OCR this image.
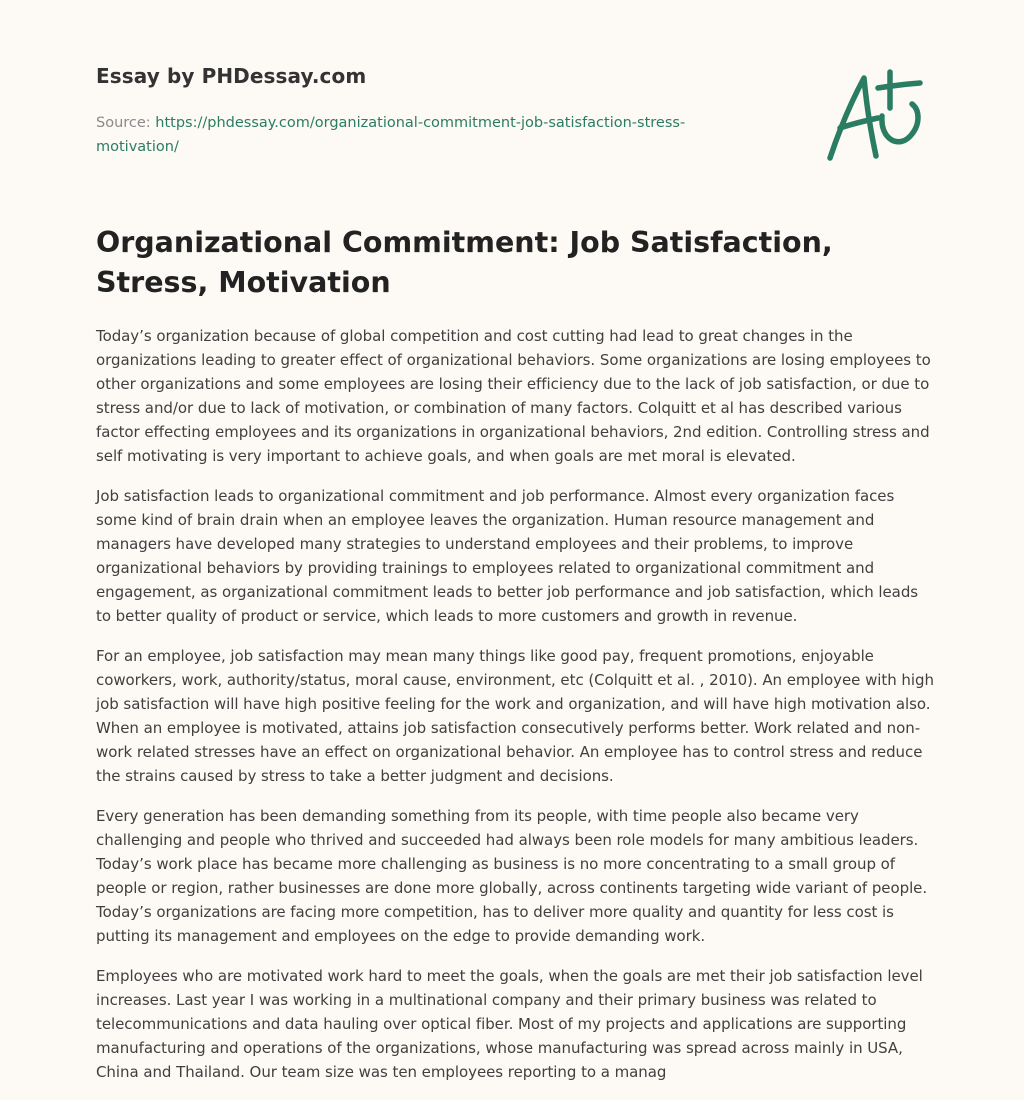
Essay by PHDessay.com

Source: https://phdessay.com/organizational-commitment-job-satisfaction-stress-motivation/

Organizational Commitment: Job Satisfaction, Stress, Motivation

Today’s organization because of global competition and cost cutting had lead to great changes in the organizations leading to greater effect of organizational behaviors. Some organizations are losing employees to other organizations and some employees are losing their efficiency due to the lack of job satisfaction, or due to stress and/or due to lack of motivation, or combination of many factors. Colquitt et al has described various factor effecting employees and its organizations in organizational behaviors, 2nd edition. Controlling stress and self motivating is very important to achieve goals, and when goals are met moral is elevated.

Job satisfaction leads to organizational commitment and job performance. Almost every organization faces some kind of brain drain when an employee leaves the organization. Human resource management and managers have developed many strategies to understand employees and their problems, to improve organizational behaviors by providing trainings to employees related to organizational commitment and engagement, as organizational commitment leads to better job performance and job satisfaction, which leads to better quality of product or service, which leads to more customers and growth in revenue.

For an employee, job satisfaction may mean many things like good pay, frequent promotions, enjoyable coworkers, work, authority/status, moral cause, environment, etc (Colquitt et al. , 2010). An employee with high job satisfaction will have high positive feeling for the work and organization, and will have high motivation also. When an employee is motivated, attains job satisfaction consecutively performs better. Work related and non-work related stresses have an effect on organizational behavior. An employee has to control stress and reduce the strains caused by stress to take a better judgment and decisions.

Every generation has been demanding something from its people, with time people also became very challenging and people who thrived and succeeded had always been role models for many ambitious leaders. Today’s work place has became more challenging as business is no more concentrating to a small group of people or region, rather businesses are done more globally, across continents targeting wide variant of people. Today’s organizations are facing more competition, has to deliver more quality and quantity for less cost is putting its management and employees on the edge to provide demanding work.

Employees who are motivated work hard to meet the goals, when the goals are met their job satisfaction level increases. Last year I was working in a multinational company and their primary business was related to telecommunications and data hauling over optical fiber. Most of my projects and applications are supporting manufacturing and operations of the organizations, whose manufacturing was spread across mainly in USA, China and Thailand. Our team size was ten employees reporting to a manag
